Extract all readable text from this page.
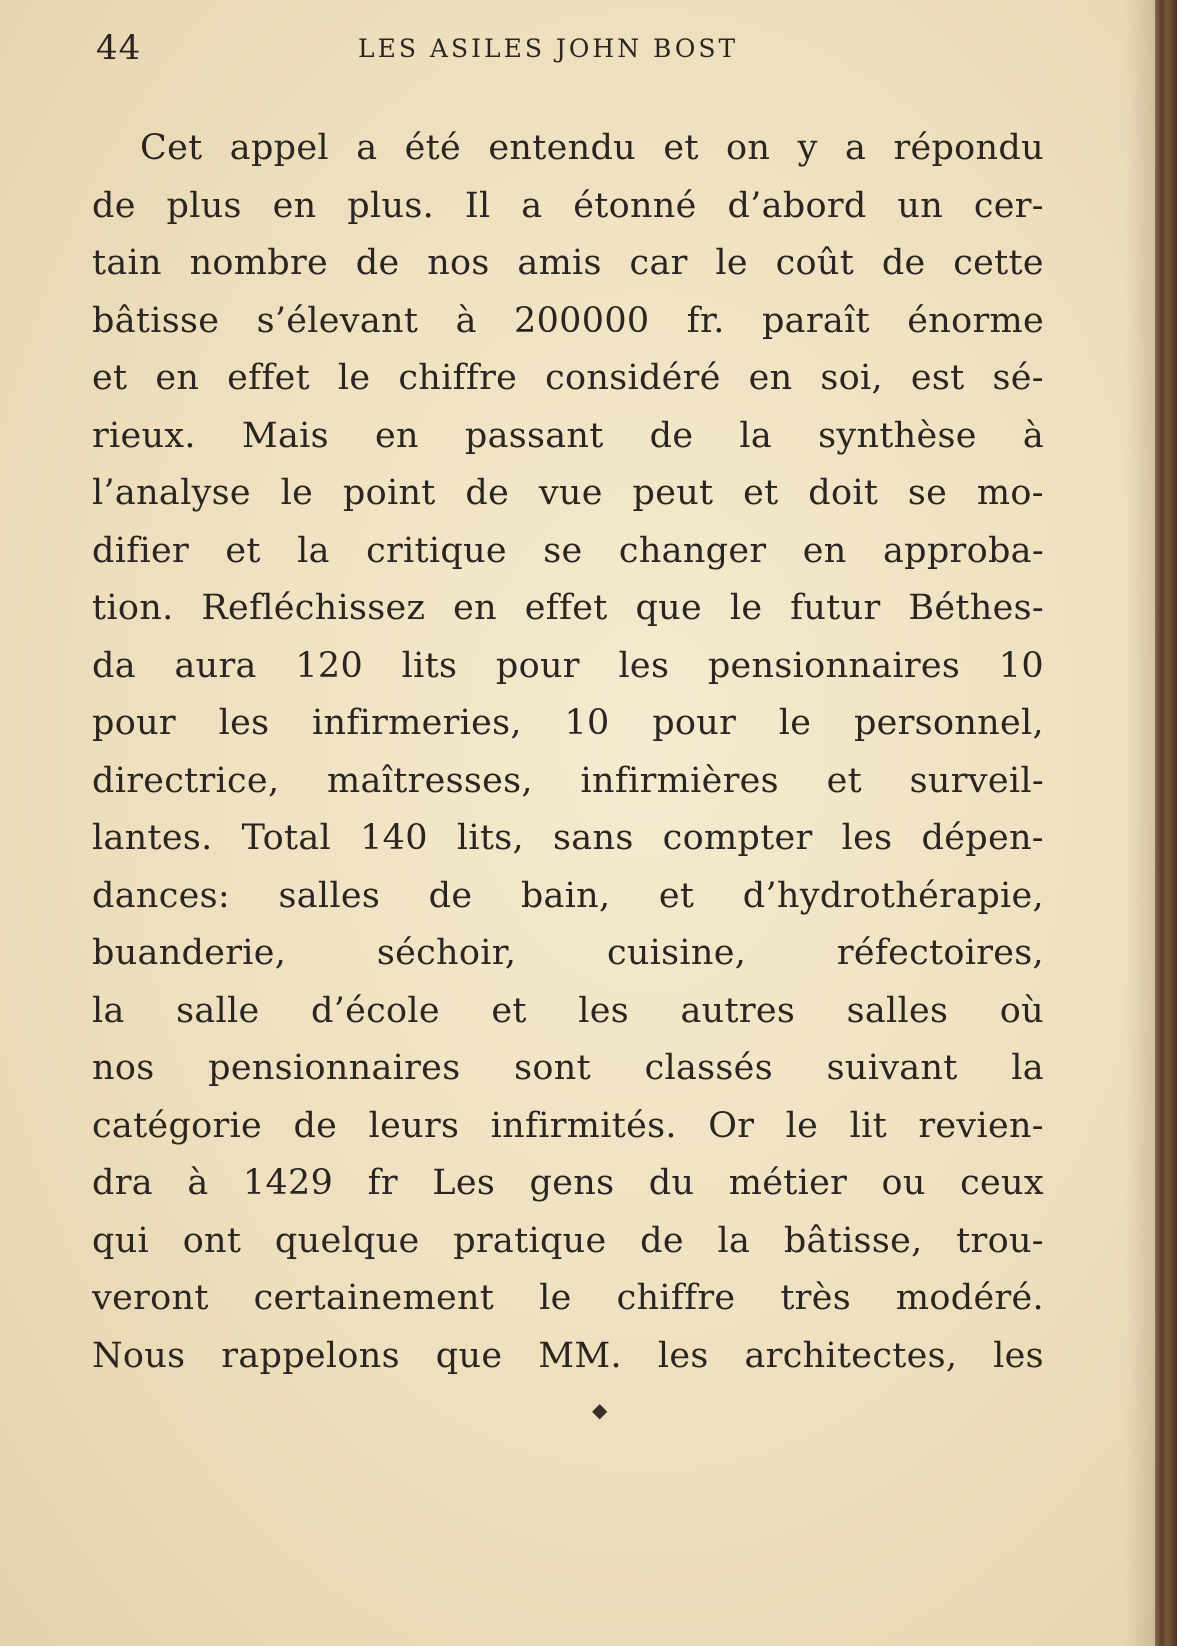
44	LES ASILES JOHN BOST
Cet appel a été entendu et on y a répondu
de plus en plus. Il a étonné d’abord un cer-
tain nombre de nos amis car le coût de cette
bâtisse s’élevant à 200000 fr. paraît énorme
et en effet le chiffre considéré en soi, est sé-
rieux. Mais en passant de la synthèse à
l’analyse le point de vue peut et doit se mo-
difier et la critique se changer en approba-
tion. Refléchissez en effet que le futur Béthes-
da aura 120 lits pour les pensionnaires 10
pour les infirmeries, 10 pour le personnel,
directrice, maîtresses, infirmières et surveil-
lantes. Total 140 lits, sans compter les dépen-
dances: salles de bain, et d’hydrothérapie,
buanderie,	séchoir,	cuisine,	réfectoires,
la salle d’école et les autres salles où
nos pensionnaires sont classés suivant la
catégorie de leurs infirmités. Or le lit revien-
dra à 1429 fr Les gens du métier ou ceux
qui ont quelque pratique de la bâtisse, trou-
veront certainement le chiffre très modéré.
Nous rappelons que MM. les architectes, les
◆
